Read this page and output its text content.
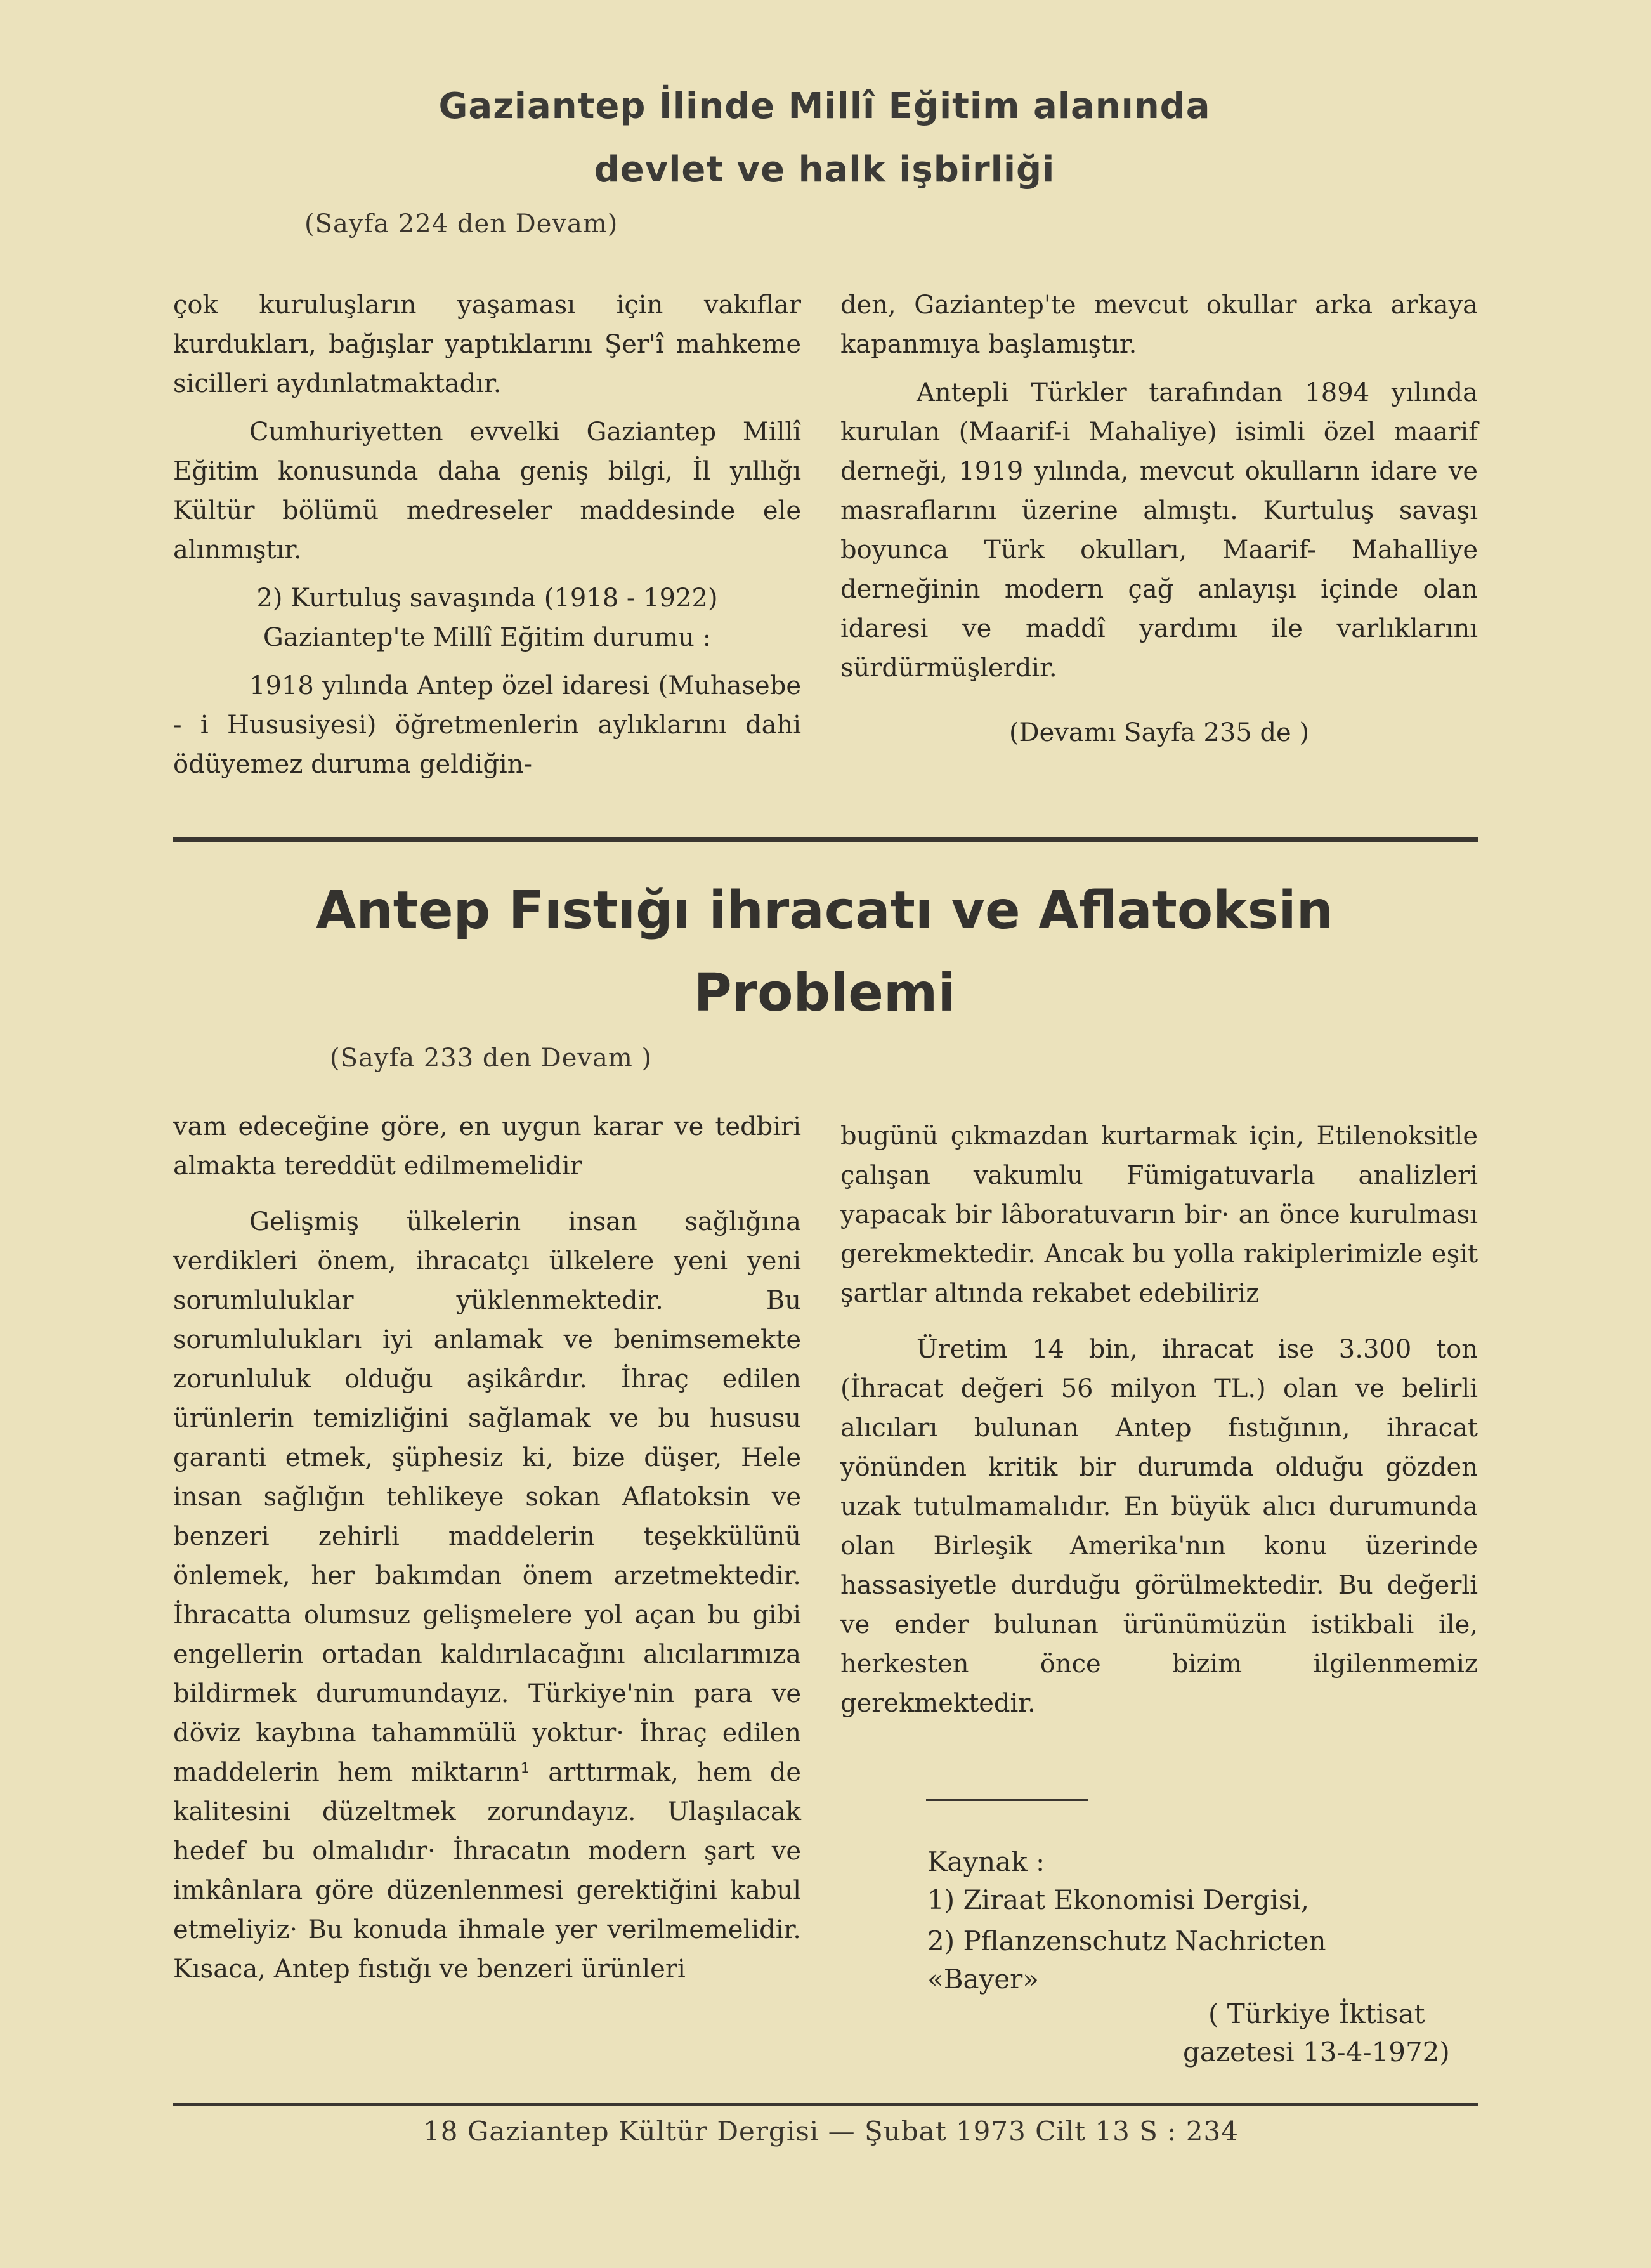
Gaziantep İlinde Millî Eğitim alanında
devlet ve halk işbirliği
(Sayfa 224 den Devam)

çok kuruluşların yaşaması için vakıflar kurdukları, bağışlar yaptıklarını Şer'î mahkeme sicilleri aydınlatmaktadır.

Cumhuriyetten evvelki Gaziantep Millî Eğitim konusunda daha geniş bilgi, İl yıllığı Kültür bölümü medreseler maddesinde ele alınmıştır.

2) Kurtuluş savaşında (1918 - 1922)

Gaziantep'te Millî Eğitim durumu :

1918 yılında Antep özel idaresi (Muhasebe - i Hususiyesi) öğretmenlerin aylıklarını dahi ödüyemez duruma geldiğin-

den, Gaziantep'te mevcut okullar arka arkaya kapanmıya başlamıştır.

Antepli Türkler tarafından 1894 yılında kurulan (Maarif-i Mahaliye) isimli özel maarif derneği, 1919 yılında, mevcut okulların idare ve masraflarını üzerine almıştı. Kurtuluş savaşı boyunca Türk okulları, Maarif- Mahalliye derneğinin modern çağ anlayışı içinde olan idaresi ve maddî yardımı ile varlıklarını sürdürmüşlerdir.

(Devamı Sayfa 235 de )

Antep Fıstığı ihracatı ve Aflatoksin
Problemi
(Sayfa 233 den Devam )

vam edeceğine göre, en uygun karar ve tedbiri almakta tereddüt edilmemelidir

Gelişmiş ülkelerin insan sağlığına verdikleri önem, ihracatçı ülkelere yeni yeni sorumluluklar yüklenmektedir. Bu sorumlulukları iyi anlamak ve benimsemekte zorunluluk olduğu aşikârdır. İhraç edilen ürünlerin temizliğini sağlamak ve bu hususu garanti etmek, şüphesiz ki, bize düşer, Hele insan sağlığın tehlikeye sokan Aflatoksin ve benzeri zehirli maddelerin teşekkülünü önlemek, her bakımdan önem arzetmektedir. İhracatta olumsuz gelişmelere yol açan bu gibi engellerin ortadan kaldırılacağını alıcılarımıza bildirmek durumundayız. Türkiye'nin para ve döviz kaybına tahammülü yoktur· İhraç edilen maddelerin hem miktarın¹ arttırmak, hem de kalitesini düzeltmek zorundayız. Ulaşılacak hedef bu olmalıdır· İhracatın modern şart ve imkânlara göre düzenlenmesi gerektiğini kabul etmeliyiz· Bu konuda ihmale yer verilmemelidir. Kısaca, Antep fıstığı ve benzeri ürünleri

bugünü çıkmazdan kurtarmak için, Etilenoksitle çalışan vakumlu Fümigatuvarla analizleri yapacak bir lâboratuvarın bir· an önce kurulması gerekmektedir. Ancak bu yolla rakiplerimizle eşit şartlar altında rekabet edebiliriz

Üretim 14 bin, ihracat ise 3.300 ton (İhracat değeri 56 milyon TL.) olan ve belirli alıcıları bulunan Antep fıstığının, ihracat yönünden kritik bir durumda olduğu gözden uzak tutulmamalıdır. En büyük alıcı durumunda olan Birleşik Amerika'nın konu üzerinde hassasiyetle durduğu görülmektedir. Bu değerli ve ender bulunan ürünümüzün istikbali ile, herkesten önce bizim ilgilenmemiz gerekmektedir.

Kaynak :
1) Ziraat Ekonomisi Dergisi,
2) Pflanzenschutz Nachricten
«Bayer»
( Türkiye İktisat
gazetesi 13-4-1972)
18 Gaziantep Kültür Dergisi — Şubat 1973 Cilt 13 S : 234
